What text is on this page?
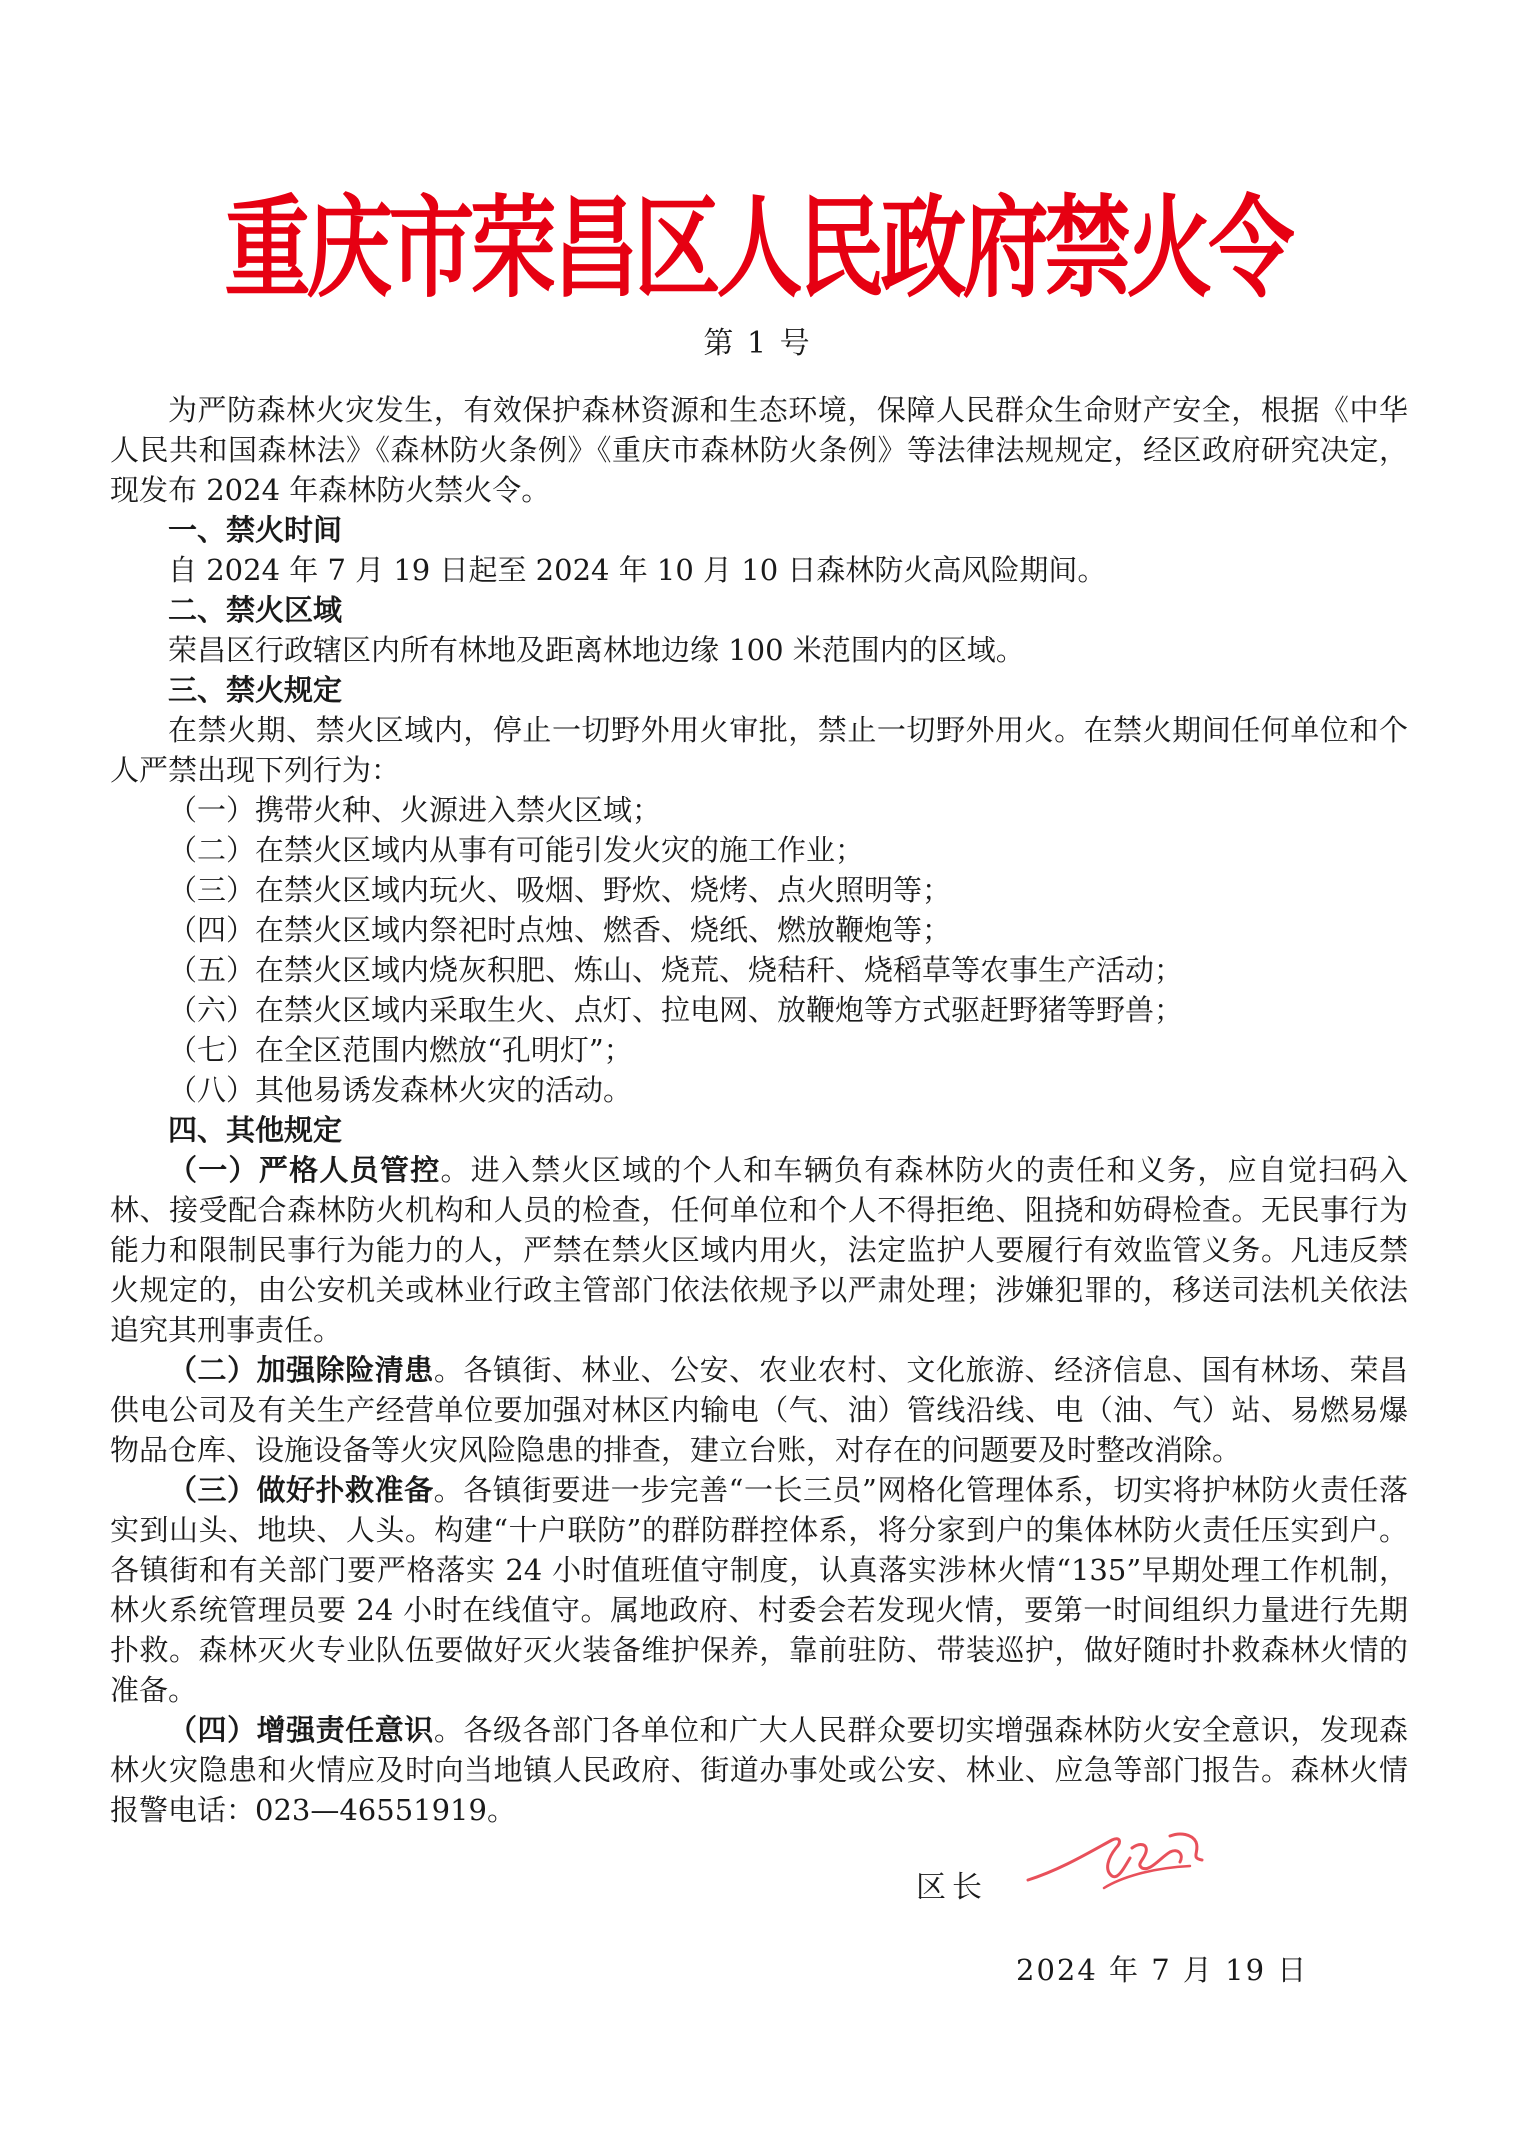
重庆市荣昌区人民政府禁火令
第 1 号

为严防森林火灾发生，有效保护森林资源和生态环境，保障人民群众生命财产安全，根据《中华人民共和国森林法》《森林防火条例》《重庆市森林防火条例》等法律法规规定，经区政府研究决定，现发布 2024 年森林防火禁火令。

一、禁火时间

自 2024 年 7 月 19 日起至 2024 年 10 月 10 日森林防火高风险期间。

二、禁火区域

荣昌区行政辖区内所有林地及距离林地边缘 100 米范围内的区域。

三、禁火规定

在禁火期、禁火区域内，停止一切野外用火审批，禁止一切野外用火。在禁火期间任何单位和个人严禁出现下列行为：

（一）携带火种、火源进入禁火区域；

（二）在禁火区域内从事有可能引发火灾的施工作业；

（三）在禁火区域内玩火、吸烟、野炊、烧烤、点火照明等；

（四）在禁火区域内祭祀时点烛、燃香、烧纸、燃放鞭炮等；

（五）在禁火区域内烧灰积肥、炼山、烧荒、烧秸秆、烧稻草等农事生产活动；

（六）在禁火区域内采取生火、点灯、拉电网、放鞭炮等方式驱赶野猪等野兽；

（七）在全区范围内燃放“孔明灯”；

（八）其他易诱发森林火灾的活动。

四、其他规定

（一）严格人员管控。进入禁火区域的个人和车辆负有森林防火的责任和义务，应自觉扫码入林、接受配合森林防火机构和人员的检查，任何单位和个人不得拒绝、阻挠和妨碍检查。无民事行为能力和限制民事行为能力的人，严禁在禁火区域内用火，法定监护人要履行有效监管义务。凡违反禁火规定的，由公安机关或林业行政主管部门依法依规予以严肃处理；涉嫌犯罪的，移送司法机关依法追究其刑事责任。

（二）加强除险清患。各镇街、林业、公安、农业农村、文化旅游、经济信息、国有林场、荣昌供电公司及有关生产经营单位要加强对林区内输电（气、油）管线沿线、电（油、气）站、易燃易爆物品仓库、设施设备等火灾风险隐患的排查，建立台账，对存在的问题要及时整改消除。

（三）做好扑救准备。各镇街要进一步完善“一长三员”网格化管理体系，切实将护林防火责任落实到山头、地块、人头。构建“十户联防”的群防群控体系，将分家到户的集体林防火责任压实到户。各镇街和有关部门要严格落实 24 小时值班值守制度，认真落实涉林火情“135”早期处理工作机制，林火系统管理员要 24 小时在线值守。属地政府、村委会若发现火情，要第一时间组织力量进行先期扑救。森林灭火专业队伍要做好灭火装备维护保养，靠前驻防、带装巡护，做好随时扑救森林火情的准备。

（四）增强责任意识。各级各部门各单位和广大人民群众要切实增强森林防火安全意识，发现森林火灾隐患和火情应及时向当地镇人民政府、街道办事处或公安、林业、应急等部门报告。森林火情报警电话：023—46551919。

区长
2024 年 7 月 19 日
